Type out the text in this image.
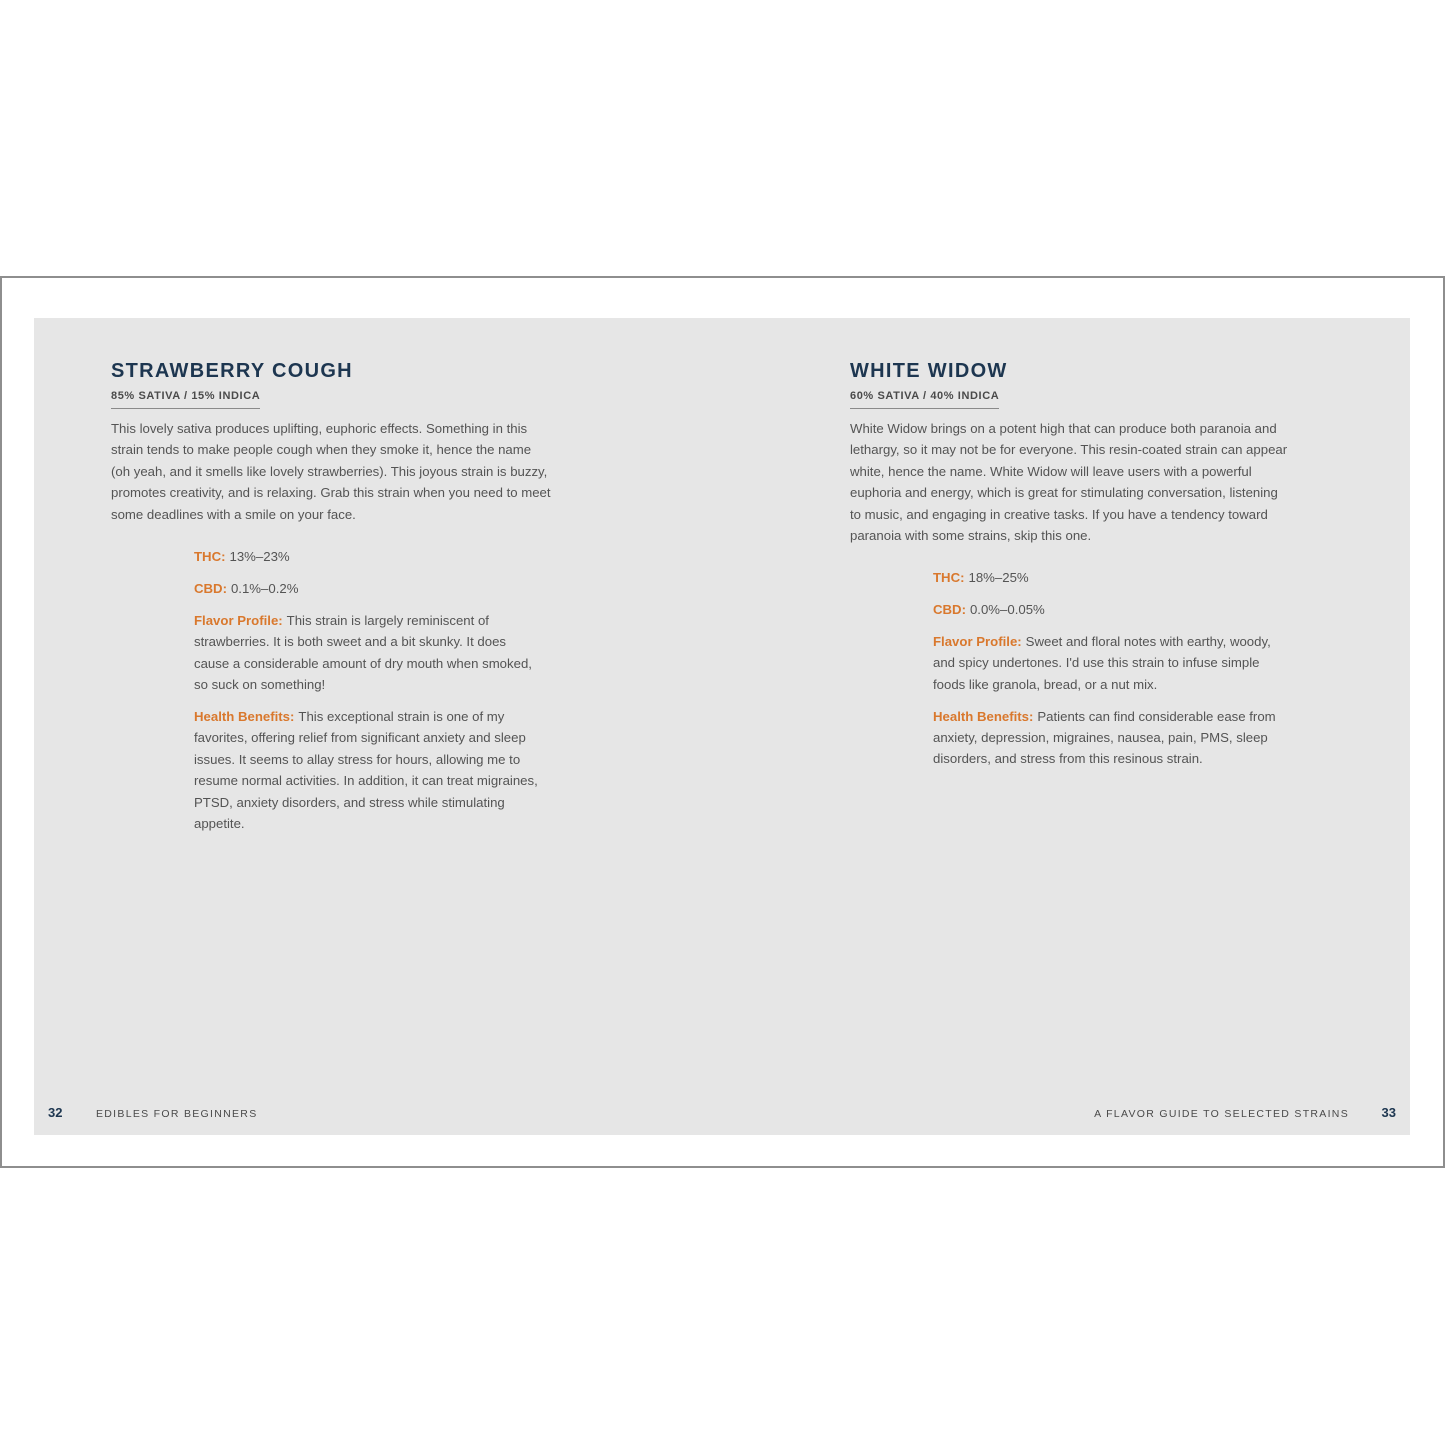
STRAWBERRY COUGH
85% SATIVA / 15% INDICA

This lovely sativa produces uplifting, euphoric effects. Something in this strain tends to make people cough when they smoke it, hence the name (oh yeah, and it smells like lovely strawberries). This joyous strain is buzzy, promotes creativity, and is relaxing. Grab this strain when you need to meet some deadlines with a smile on your face.

THC: 13%–23%

CBD: 0.1%–0.2%

Flavor Profile: This strain is largely reminiscent of strawberries. It is both sweet and a bit skunky. It does cause a considerable amount of dry mouth when smoked, so suck on something!

Health Benefits: This exceptional strain is one of my favorites, offering relief from significant anxiety and sleep issues. It seems to allay stress for hours, allowing me to resume normal activities. In addition, it can treat migraines, PTSD, anxiety disorders, and stress while stimulating appetite.

WHITE WIDOW
60% SATIVA / 40% INDICA

White Widow brings on a potent high that can produce both paranoia and lethargy, so it may not be for everyone. This resin-coated strain can appear white, hence the name. White Widow will leave users with a powerful euphoria and energy, which is great for stimulating conversation, listening to music, and engaging in creative tasks. If you have a tendency toward paranoia with some strains, skip this one.

THC: 18%–25%

CBD: 0.0%–0.05%

Flavor Profile: Sweet and floral notes with earthy, woody, and spicy undertones. I'd use this strain to infuse simple foods like granola, bread, or a nut mix.

Health Benefits: Patients can find considerable ease from anxiety, depression, migraines, nausea, pain, PMS, sleep disorders, and stress from this resinous strain.

32	EDIBLES FOR BEGINNERS	A FLAVOR GUIDE TO SELECTED STRAINS	33
